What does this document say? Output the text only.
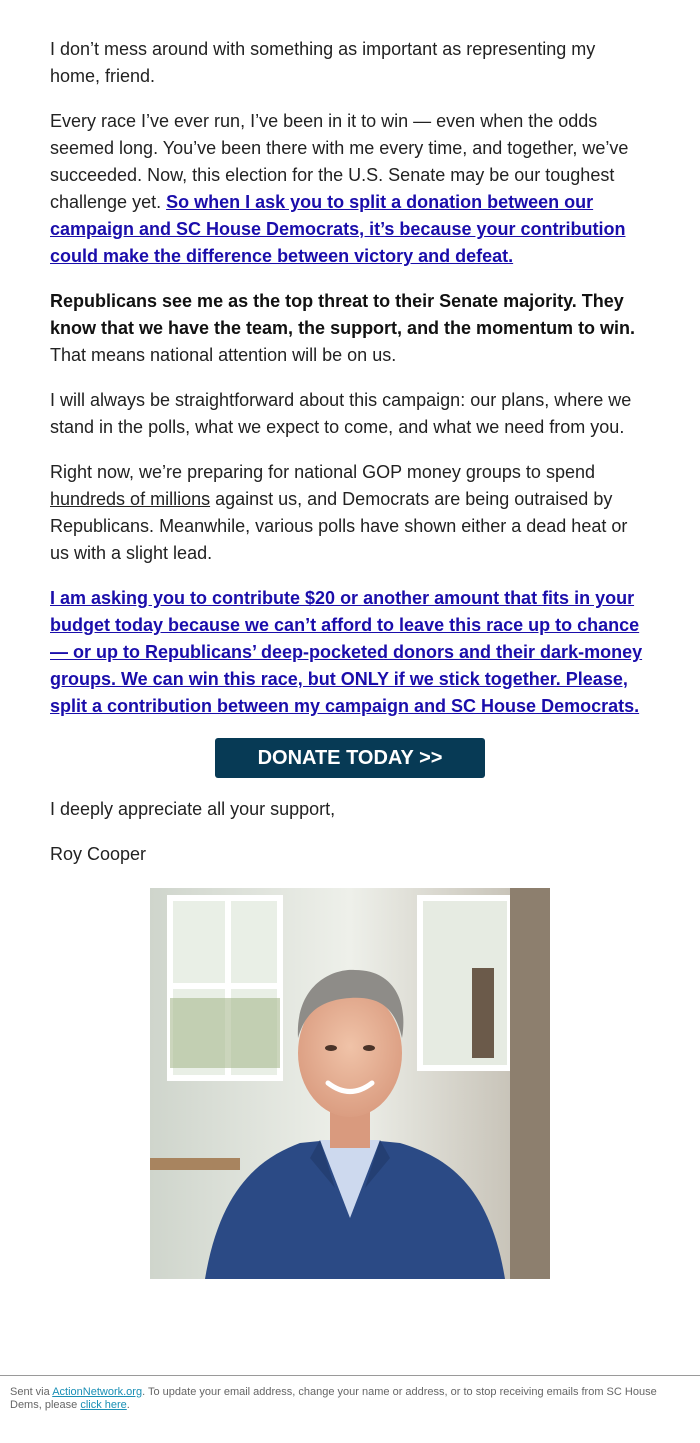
I don’t mess around with something as important as representing my home, friend.

Every race I’ve ever run, I’ve been in it to win — even when the odds seemed long. You’ve been there with me every time, and together, we’ve succeeded. Now, this election for the U.S. Senate may be our toughest challenge yet. So when I ask you to split a donation between our campaign and SC House Democrats, it’s because your contribution could make the difference between victory and defeat.

Republicans see me as the top threat to their Senate majority. They know that we have the team, the support, and the momentum to win. That means national attention will be on us.

I will always be straightforward about this campaign: our plans, where we stand in the polls, what we expect to come, and what we need from you.

Right now, we’re preparing for national GOP money groups to spend hundreds of millions against us, and Democrats are being outraised by Republicans. Meanwhile, various polls have shown either a dead heat or us with a slight lead.

I am asking you to contribute $20 or another amount that fits in your budget today because we can’t afford to leave this race up to chance — or up to Republicans’ deep-pocketed donors and their dark-money groups. We can win this race, but ONLY if we stick together. Please, split a contribution between my campaign and SC House Democrats.

DONATE TODAY >>

I deeply appreciate all your support,

Roy Cooper

Sent via ActionNetwork.org. To update your email address, change your name or address, or to stop receiving emails from SC House Dems, please click here.
